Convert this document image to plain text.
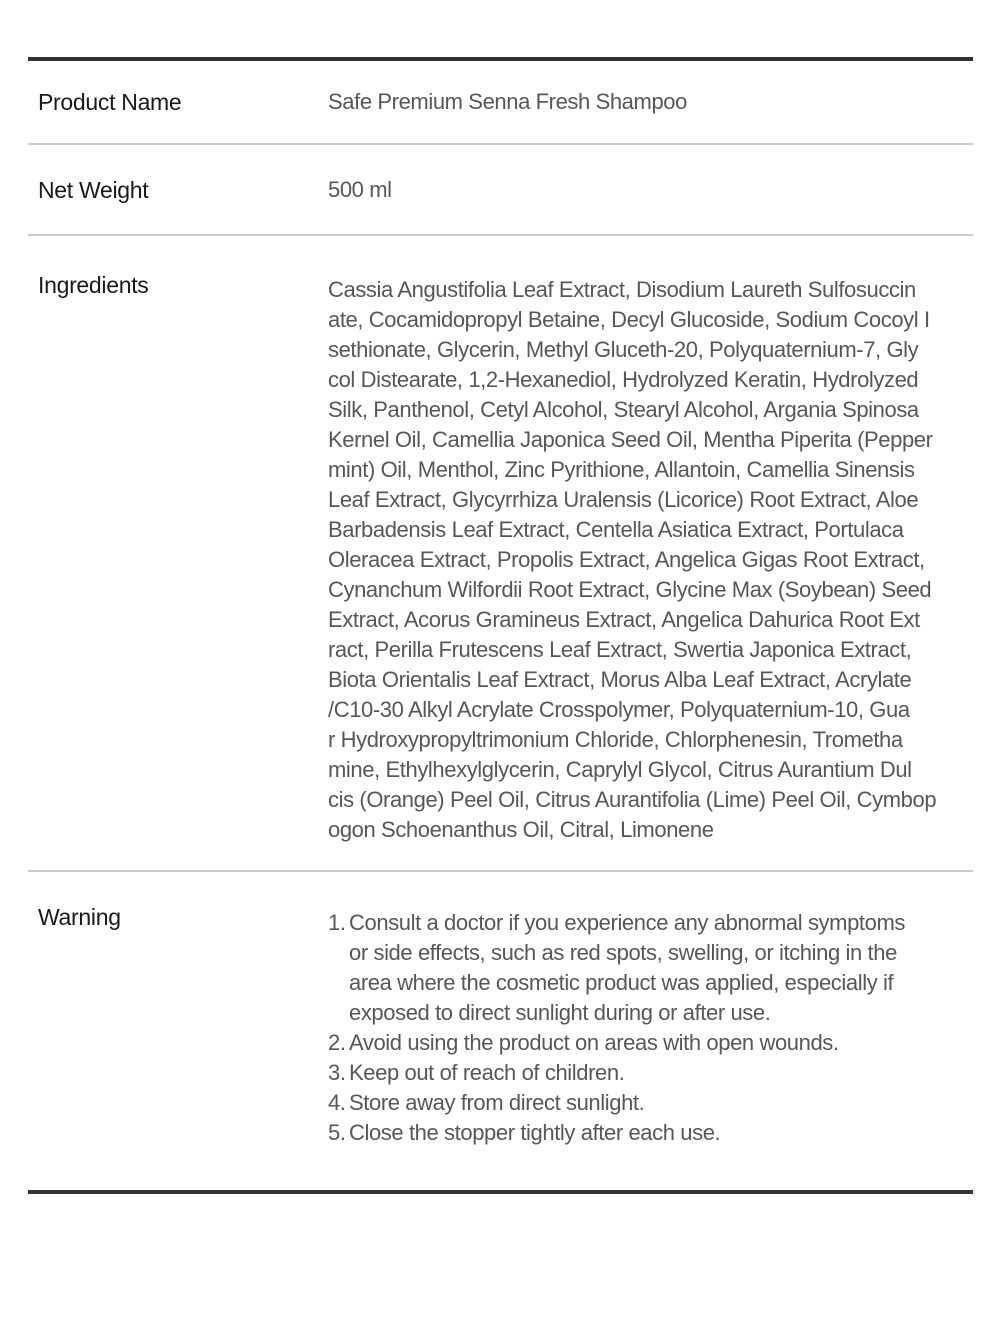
Product Name	Safe Premium Senna Fresh Shampoo
Net Weight	500 ml
Ingredients	Cassia Angustifolia Leaf Extract, Disodium Laureth Sulfosuccin
ate, Cocamidopropyl Betaine, Decyl Glucoside, Sodium Cocoyl I
sethionate, Glycerin, Methyl Gluceth-20, Polyquaternium-7, Gly
col Distearate, 1,2-Hexanediol, Hydrolyzed Keratin, Hydrolyzed
Silk, Panthenol, Cetyl Alcohol, Stearyl Alcohol, Argania Spinosa
Kernel Oil, Camellia Japonica Seed Oil, Mentha Piperita (Pepper
mint) Oil, Menthol, Zinc Pyrithione, Allantoin, Camellia Sinensis
Leaf Extract, Glycyrrhiza Uralensis (Licorice) Root Extract, Aloe
Barbadensis Leaf Extract, Centella Asiatica Extract, Portulaca
Oleracea Extract, Propolis Extract, Angelica Gigas Root Extract,
Cynanchum Wilfordii Root Extract, Glycine Max (Soybean) Seed
Extract, Acorus Gramineus Extract, Angelica Dahurica Root Ext
ract, Perilla Frutescens Leaf Extract, Swertia Japonica Extract,
Biota Orientalis Leaf Extract, Morus Alba Leaf Extract, Acrylate
/C10-30 Alkyl Acrylate Crosspolymer, Polyquaternium-10, Gua
r Hydroxypropyltrimonium Chloride, Chlorphenesin, Trometha
mine, Ethylhexylglycerin, Caprylyl Glycol, Citrus Aurantium Dul
cis (Orange) Peel Oil, Citrus Aurantifolia (Lime) Peel Oil, Cymbop
ogon Schoenanthus Oil, Citral, Limonene
Warning	1. Consult a doctor if you experience any abnormal symptoms
or side effects, such as red spots, swelling, or itching in the
area where the cosmetic product was applied, especially if
exposed to direct sunlight during or after use.
2. Avoid using the product on areas with open wounds.
3. Keep out of reach of children.
4. Store away from direct sunlight.
5. Close the stopper tightly after each use.
